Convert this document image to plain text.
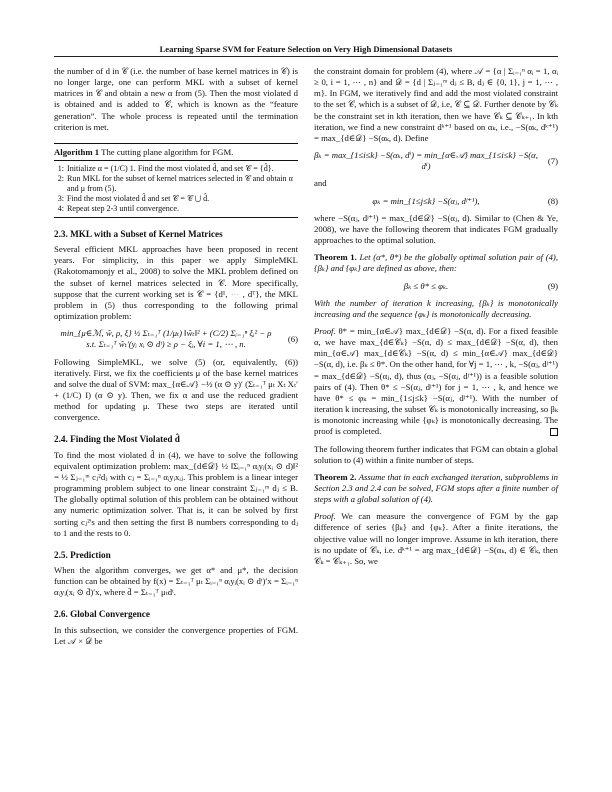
Learning Sparse SVM for Feature Selection on Very High Dimensional Datasets

the number of d in 𝒞 (i.e. the number of base kernel matrices in 𝒞) is no longer large, one can perform MKL with a subset of kernel matrices in 𝒞 and obtain a new α from (5). Then the most violated d is obtained and is added to 𝒞, which is known as the “feature generation”. The whole process is repeated until the termination criterion is met.

Algorithm 1 The cutting plane algorithm for FGM.
1: Initialize α = (1/C) 1. Find the most violated d̂, and set 𝒞 = {d̂}.
2: Run MKL for the subset of kernel matrices selected in 𝒞 and obtain α and μ from (5).
3: Find the most violated d̂ and set 𝒞 = 𝒞 ⋃ d̂.
4: Repeat step 2-3 until convergence.
2.3. MKL with a Subset of Kernel Matrices

Several efficient MKL approaches have been proposed in recent years. For simplicity, in this paper we apply SimpleMKL (Rakotomamonjy et al., 2008) to solve the MKL problem defined on the subset of kernel matrices selected in 𝒞. More specifically, suppose that the current working set is 𝒞 = {d¹, ⋯ , dᵀ}, the MKL problem in (5) thus corresponding to the following primal optimization problem:

min_{μ∈ℳ, ŵ, ρ, ξ} ½ Σₜ₌₁ᵀ (1/μₜ) ‖ŵₜ‖² + (C/2) Σᵢ₌₁ⁿ ξᵢ² − ρ
s.t. Σₜ₌₁ᵀ ŵₜ′(yᵢ xᵢ ⊙ dᵗ) ≥ ρ − ξᵢ, ∀i = 1, ⋯ , n.
(6)

Following SimpleMKL, we solve (5) (or, equivalently, (6)) iteratively. First, we fix the coefficients μ of the base kernel matrices and solve the dual of SVM: max_{α∈𝒜} −½ (α ⊙ y)′ (Σₜ₌₁ᵀ μₜ Xₜ Xₜ′ + (1/C) I) (α ⊙ y). Then, we fix α and use the reduced gradient method for updating μ. These two steps are iterated until convergence.

2.4. Finding the Most Violated d̂

To find the most violated d̂ in (4), we have to solve the following equivalent optimization problem: max_{d∈𝒟} ½ ‖Σᵢ₌₁ⁿ αᵢyᵢ(xᵢ ⊙ d)‖² = ½ Σⱼ₌₁ᵐ cⱼ²dⱼ with cⱼ = Σᵢ₌₁ⁿ αᵢyᵢxᵢⱼ. This problem is a linear integer programming problem subject to one linear constraint Σⱼ₌₁ᵐ dⱼ ≤ B. The globally optimal solution of this problem can be obtained without any numeric optimization solver. That is, it can be solved by first sorting cⱼ²'s and then setting the first B numbers corresponding to dⱼ to 1 and the rests to 0.

2.5. Prediction

When the algorithm converges, we get α* and μ*, the decision function can be obtained by f(x) = Σₜ₌₁ᵀ μₜ Σᵢ₌₁ⁿ αᵢyᵢ(xᵢ ⊙ dᵗ)′x = Σᵢ₌₁ⁿ αᵢyᵢ(xᵢ ⊙ d̄)′x, where d̄ = Σₜ₌₁ᵀ μₜdᵗ.

2.6. Global Convergence

In this subsection, we consider the convergence properties of FGM. Let 𝒜 × 𝒟 be

the constraint domain for problem (4), where 𝒜 = {α | Σᵢ₌₁ⁿ αᵢ = 1, αᵢ ≥ 0, i = 1, ⋯ , n} and 𝒟 = {d | Σⱼ₌₁ᵐ dⱼ ≤ B, dⱼ ∈ {0, 1}, j = 1, ⋯ , m}. In FGM, we iteratively find and add the most violated constraint to the set 𝒞, which is a subset of 𝒟, i.e, 𝒞 ⊆ 𝒟. Further denote by 𝒞ₖ be the constraint set in kth iteration, then we have 𝒞ₖ ⊆ 𝒞ₖ₊₁. In kth iteration, we find a new constraint dᵏ⁺¹ based on αₖ, i.e., −S(αₖ, dᵏ⁺¹) = max_{d∈𝒟} −S(αₖ, d). Define

βₖ = max_{1≤i≤k} −S(αₖ, dⁱ) = min_{α∈𝒜} max_{1≤i≤k} −S(α, dⁱ)
(7)

and

φₖ = min_{1≤j≤k} −S(αⱼ, dʲ⁺¹),	(8)

where −S(αⱼ, dʲ⁺¹) = max_{d∈𝒟} −S(αⱼ, d). Similar to (Chen & Ye, 2008), we have the following theorem that indicates FGM gradually approaches to the optimal solution.

Theorem 1. Let (α*, θ*) be the globally optimal solution pair of (4), {βₖ} and {φₖ} are defined as above, then:

βₖ ≤ θ* ≤ φₖ.	(9)

With the number of iteration k increasing, {βₖ} is monotonically increasing and the sequence {φₖ} is monotonically decreasing.

Proof. θ* = min_{α∈𝒜} max_{d∈𝒟} −S(α, d). For a fixed feasible α, we have max_{d∈𝒞ₖ} −S(α, d) ≤ max_{d∈𝒟} −S(α, d), then min_{α∈𝒜} max_{d∈𝒞ₖ} −S(α, d) ≤ min_{α∈𝒜} max_{d∈𝒟} −S(α, d), i.e. βₖ ≤ θ*. On the other hand, for ∀j = 1, ⋯ , k, −S(αⱼ, dʲ⁺¹) = max_{d∈𝒟} −S(αⱼ, d), thus (αⱼ, −S(αⱼ, dʲ⁺¹)) is a feasible solution pairs of (4). Then θ* ≤ −S(αⱼ, dʲ⁺¹) for j = 1, ⋯ , k, and hence we have θ* ≤ φₖ = min_{1≤j≤k} −S(αⱼ, dʲ⁺¹). With the number of iteration k increasing, the subset 𝒞ₖ is monotonically increasing, so βₖ is monotonic increasing while {φₖ} is monotonically decreasing. The proof is completed.

The following theorem further indicates that FGM can obtain a global solution to (4) within a finite number of steps.

Theorem 2. Assume that in each exchanged iteration, subproblems in Section 2.3 and 2.4 can be solved, FGM stops after a finite number of steps with a global solution of (4).

Proof. We can measure the convergence of FGM by the gap difference of series {βₖ} and {φₖ}. After a finite iterations, the objective value will no longer improve. Assume in kth iteration, there is no update of 𝒞ₖ, i.e. dᵏ⁺¹ = arg max_{d∈𝒟} −S(αₖ, d) ∈ 𝒞ₖ, then 𝒞ₖ = 𝒞ₖ₊₁. So, we
